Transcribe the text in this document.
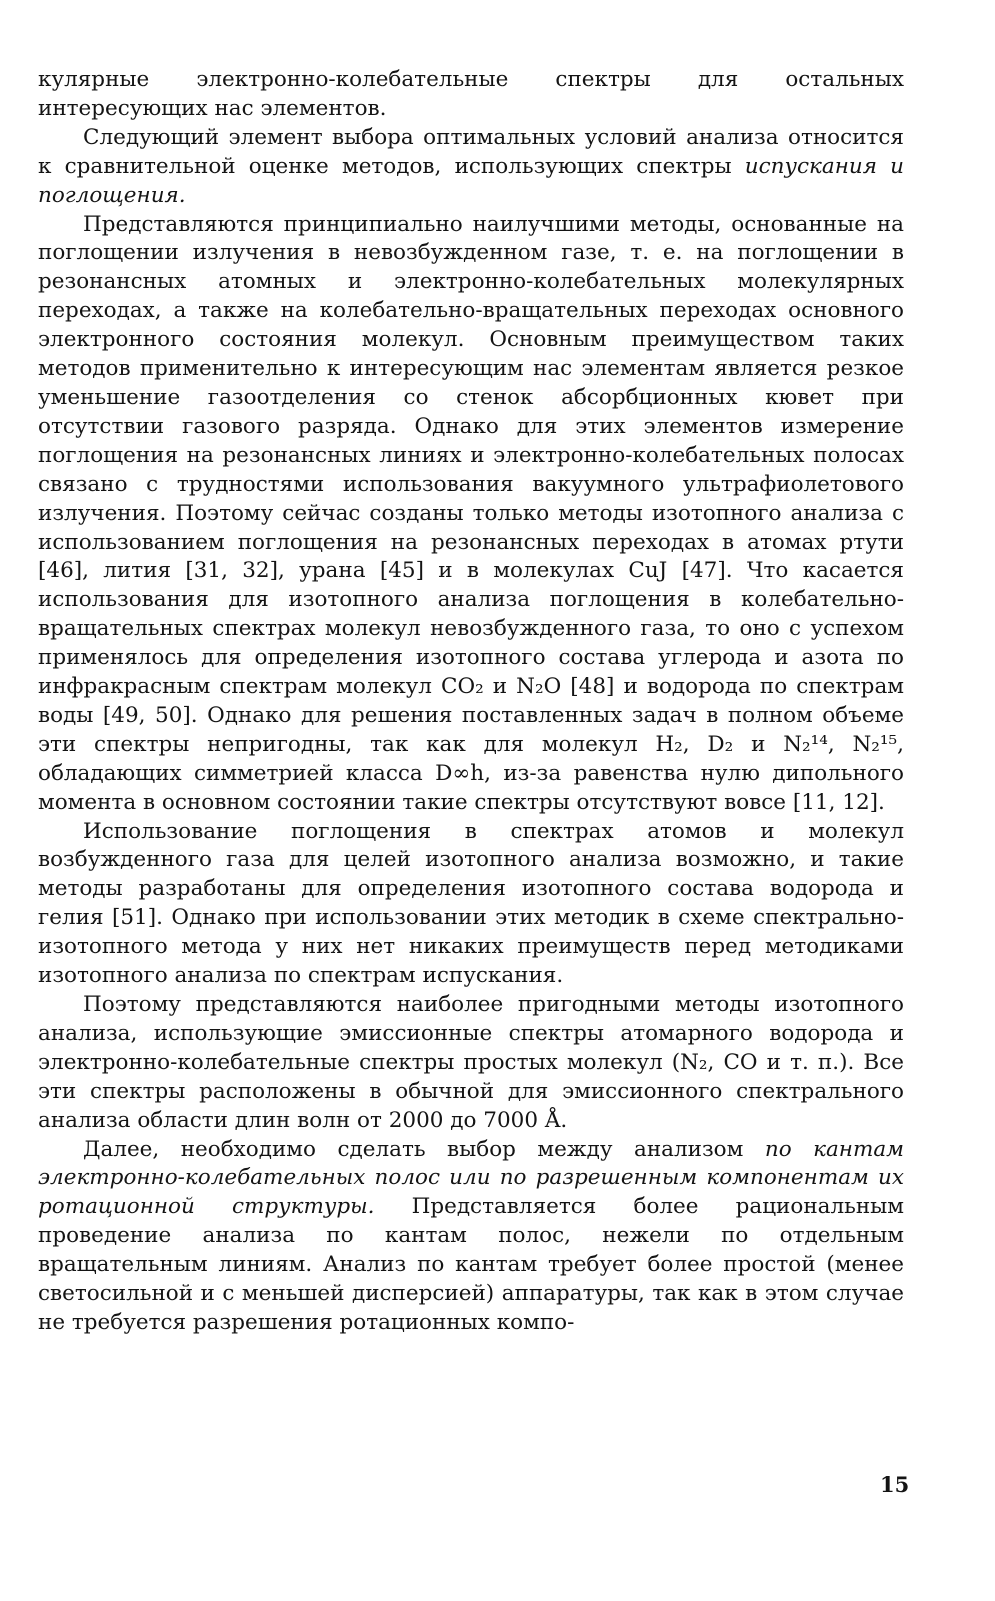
кулярные электронно-колебательные спектры для остальных интересующих нас элементов.

Следующий элемент выбора оптимальных условий анализа относится к сравнительной оценке методов, использующих спектры испускания и поглощения.

Представляются принципиально наилучшими методы, основанные на поглощении излучения в невозбужденном газе, т. е. на поглощении в резонансных атомных и электронно-колебательных молекулярных переходах, а также на колебательно-вращательных переходах основного электронного состояния молекул. Основным преимуществом таких методов применительно к интересующим нас элементам является резкое уменьшение газоотделения со стенок абсорбционных кювет при отсутствии газового разряда. Однако для этих элементов измерение поглощения на резонансных линиях и электронно-колебательных полосах связано с трудностями использования вакуумного ультрафиолетового излучения. Поэтому сейчас созданы только методы изотопного анализа с использованием поглощения на резонансных переходах в атомах ртути [46], лития [31, 32], урана [45] и в молекулах CuJ [47]. Что касается использования для изотопного анализа поглощения в колебательно-вращательных спектрах молекул невозбужденного газа, то оно с успехом применялось для определения изотопного состава углерода и азота по инфракрасным спектрам молекул CO₂ и N₂O [48] и водорода по спектрам воды [49, 50]. Однако для решения поставленных задач в полном объеме эти спектры непригодны, так как для молекул H₂, D₂ и N₂¹⁴, N₂¹⁵, обладающих симметрией класса D∞h, из-за равенства нулю дипольного момента в основном состоянии такие спектры отсутствуют вовсе [11, 12].

Использование поглощения в спектрах атомов и молекул возбужденного газа для целей изотопного анализа возможно, и такие методы разработаны для определения изотопного состава водорода и гелия [51]. Однако при использовании этих методик в схеме спектрально-изотопного метода у них нет никаких преимуществ перед методиками изотопного анализа по спектрам испускания.

Поэтому представляются наиболее пригодными методы изотопного анализа, использующие эмиссионные спектры атомарного водорода и электронно-колебательные спектры простых молекул (N₂, CO и т. п.). Все эти спектры расположены в обычной для эмиссионного спектрального анализа области длин волн от 2000 до 7000 Å.

Далее, необходимо сделать выбор между анализом по кантам электронно-колебательных полос или по разрешенным компонентам их ротационной структуры. Представляется более рациональным проведение анализа по кантам полос, нежели по отдельным вращательным линиям. Анализ по кантам требует более простой (менее светосильной и с меньшей дисперсией) аппаратуры, так как в этом случае не требуется разрешения ротационных компо-

15
